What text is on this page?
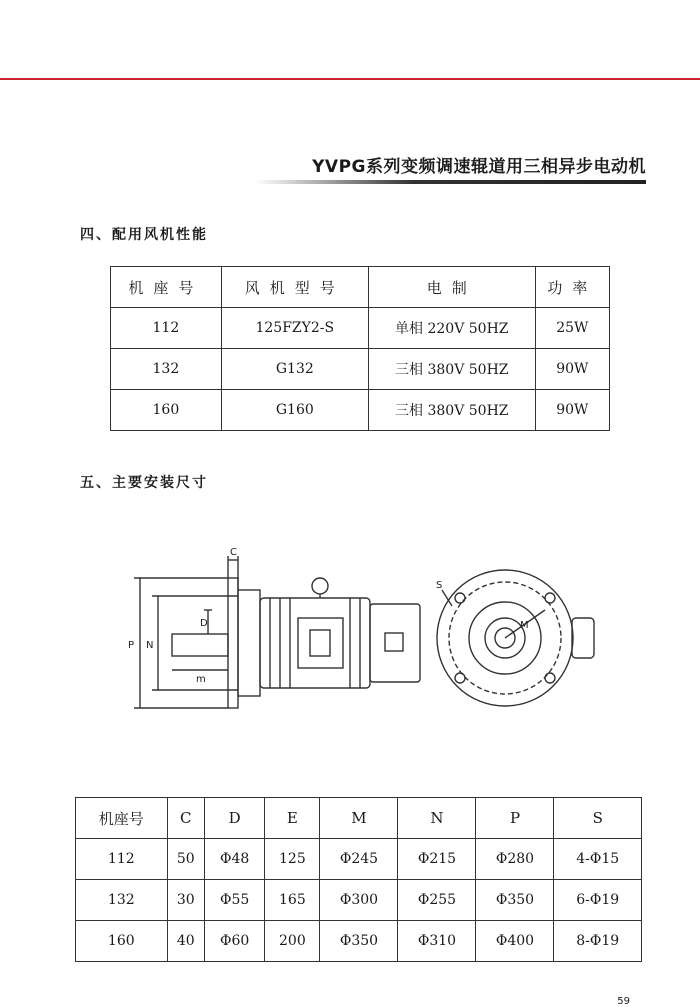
YVPG系列变频调速辊道用三相异步电动机
四、配用风机性能
机座号	风机型号	电制	功率
112	125FZY2-S	单相 220V 50HZ	25W
132	G132	三相 380V 50HZ	90W
160	G160	三相 380V 50HZ	90W
五、主要安装尺寸
C
P N
D
m
S
M
机座号	C	D	E	M	N	P	S
112	50	Φ48	125	Φ245	Φ215	Φ280	4-Φ15
132	30	Φ55	165	Φ300	Φ255	Φ350	6-Φ19
160	40	Φ60	200	Φ350	Φ310	Φ400	8-Φ19
59
